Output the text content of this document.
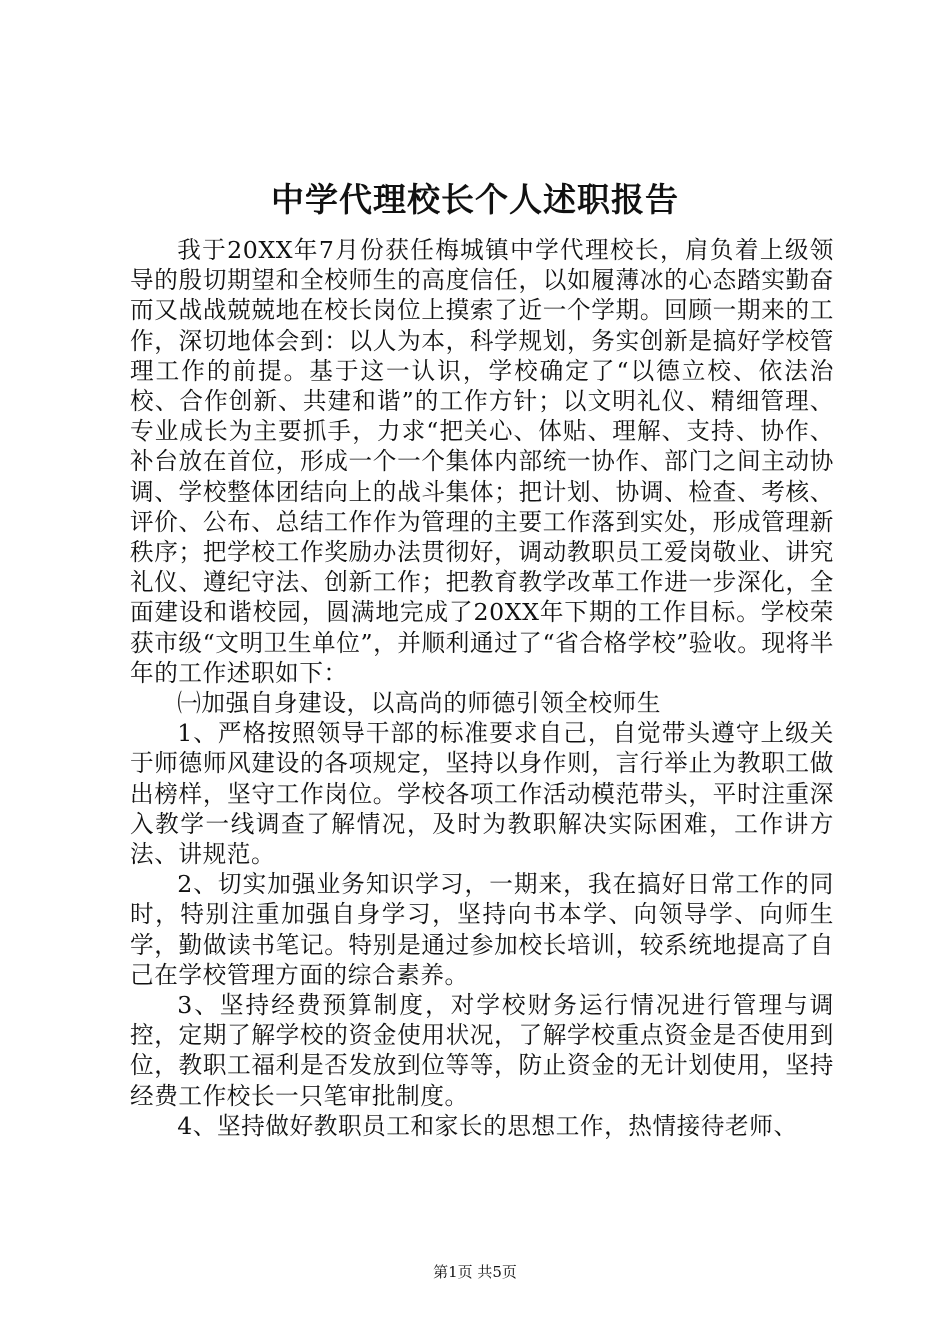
中学代理校长个人述职报告

我于20XX年7月份获任梅城镇中学代理校长，肩负着上级领导的殷切期望和全校师生的高度信任，以如履薄冰的心态踏实勤奋而又战战兢兢地在校长岗位上摸索了近一个学期。回顾一期来的工作，深切地体会到：以人为本，科学规划，务实创新是搞好学校管理工作的前提。基于这一认识，学校确定了“以德立校、依法治校、合作创新、共建和谐”的工作方针；以文明礼仪、精细管理、专业成长为主要抓手，力求“把关心、体贴、理解、支持、协作、补台放在首位，形成一个一个集体内部统一协作、部门之间主动协调、学校整体团结向上的战斗集体；把计划、协调、检查、考核、评价、公布、总结工作作为管理的主要工作落到实处，形成管理新秩序；把学校工作奖励办法贯彻好，调动教职员工爱岗敬业、讲究礼仪、遵纪守法、创新工作；把教育教学改革工作进一步深化，全面建设和谐校园，圆满地完成了20XX年下期的工作目标。学校荣获市级“文明卫生单位”，并顺利通过了“省合格学校”验收。现将半年的工作述职如下：

㈠加强自身建设，以高尚的师德引领全校师生

1、严格按照领导干部的标准要求自己，自觉带头遵守上级关于师德师风建设的各项规定，坚持以身作则，言行举止为教职工做出榜样，坚守工作岗位。学校各项工作活动模范带头，平时注重深入教学一线调查了解情况，及时为教职解决实际困难，工作讲方法、讲规范。

2、切实加强业务知识学习，一期来，我在搞好日常工作的同时，特别注重加强自身学习，坚持向书本学、向领导学、向师生学，勤做读书笔记。特别是通过参加校长培训，较系统地提高了自己在学校管理方面的综合素养。

3、坚持经费预算制度，对学校财务运行情况进行管理与调控，定期了解学校的资金使用状况，了解学校重点资金是否使用到位，教职工福利是否发放到位等等，防止资金的无计划使用，坚持经费工作校长一只笔审批制度。

4、坚持做好教职员工和家长的思想工作，热情接待老师、

第1页 共5页
